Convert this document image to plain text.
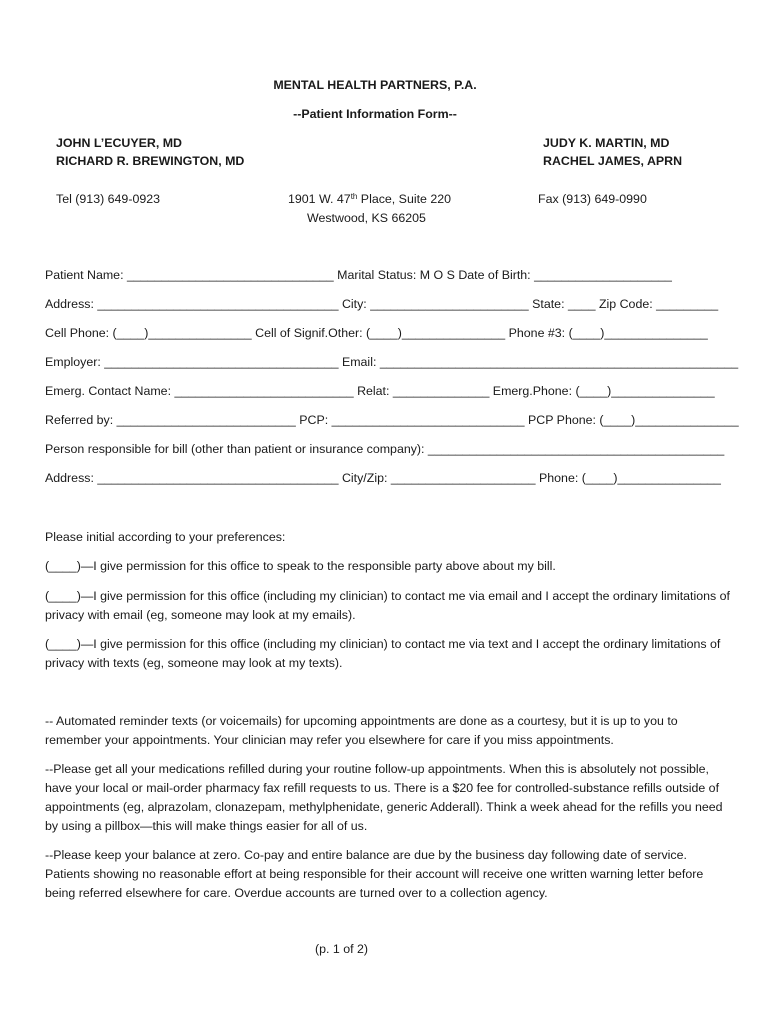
MENTAL HEALTH PARTNERS, P.A.
--Patient Information Form--
JOHN L’ECUYER, MD
RICHARD R. BREWINGTON, MD
JUDY K. MARTIN, MD
RACHEL JAMES, APRN
Tel (913) 649-0923	1901 W. 47th Place, Suite 220
Westwood, KS 66205
Fax (913) 649-0990
Patient Name: ______________________________ Marital Status: M O S Date of Birth: ____________________
Address: ___________________________________ City: _______________________ State: ____ Zip Code: _________
Cell Phone: (____)_______________ Cell of Signif.Other: (____)_______________ Phone #3: (____)_______________
Employer: __________________________________ Email: ____________________________________________________
Emerg. Contact Name: __________________________ Relat: ______________ Emerg.Phone: (____)_______________
Referred by: __________________________ PCP: ____________________________ PCP Phone: (____)_______________
Person responsible for bill (other than patient or insurance company): ___________________________________________
Address: ___________________________________ City/Zip: _____________________ Phone: (____)_______________
Please initial according to your preferences:
(____)—I give permission for this office to speak to the responsible party above about my bill.
(____)—I give permission for this office (including my clinician) to contact me via email and I accept the ordinary limitations of privacy with email (eg, someone may look at my emails).
(____)—I give permission for this office (including my clinician) to contact me via text and I accept the ordinary limitations of privacy with texts (eg, someone may look at my texts).
-- Automated reminder texts (or voicemails) for upcoming appointments are done as a courtesy, but it is up to you to remember your appointments. Your clinician may refer you elsewhere for care if you miss appointments.
--Please get all your medications refilled during your routine follow-up appointments. When this is absolutely not possible, have your local or mail-order pharmacy fax refill requests to us. There is a $20 fee for controlled-substance refills outside of appointments (eg, alprazolam, clonazepam, methylphenidate, generic Adderall). Think a week ahead for the refills you need by using a pillbox—this will make things easier for all of us.
--Please keep your balance at zero. Co-pay and entire balance are due by the business day following date of service. Patients showing no reasonable effort at being responsible for their account will receive one written warning letter before being referred elsewhere for care. Overdue accounts are turned over to a collection agency.
(p. 1 of 2)
